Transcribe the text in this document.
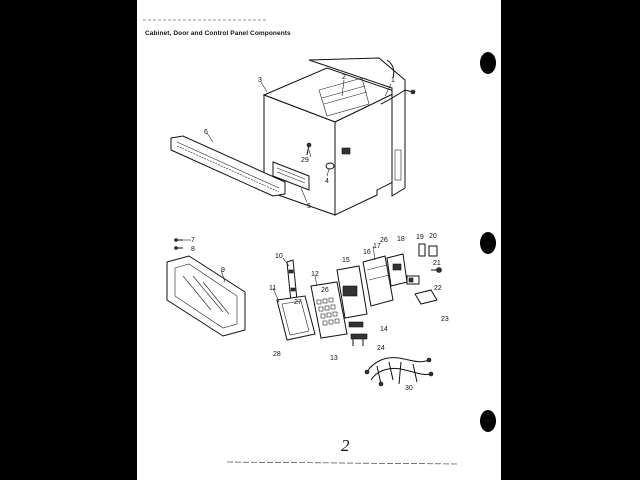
Cabinet, Door and Control Panel Components
1
2
3
4
5
6
7
8
9
10
11
12
13
14
15
16
17
18 19 20
21
22
23
24
26
26
27
28
29
30
2
